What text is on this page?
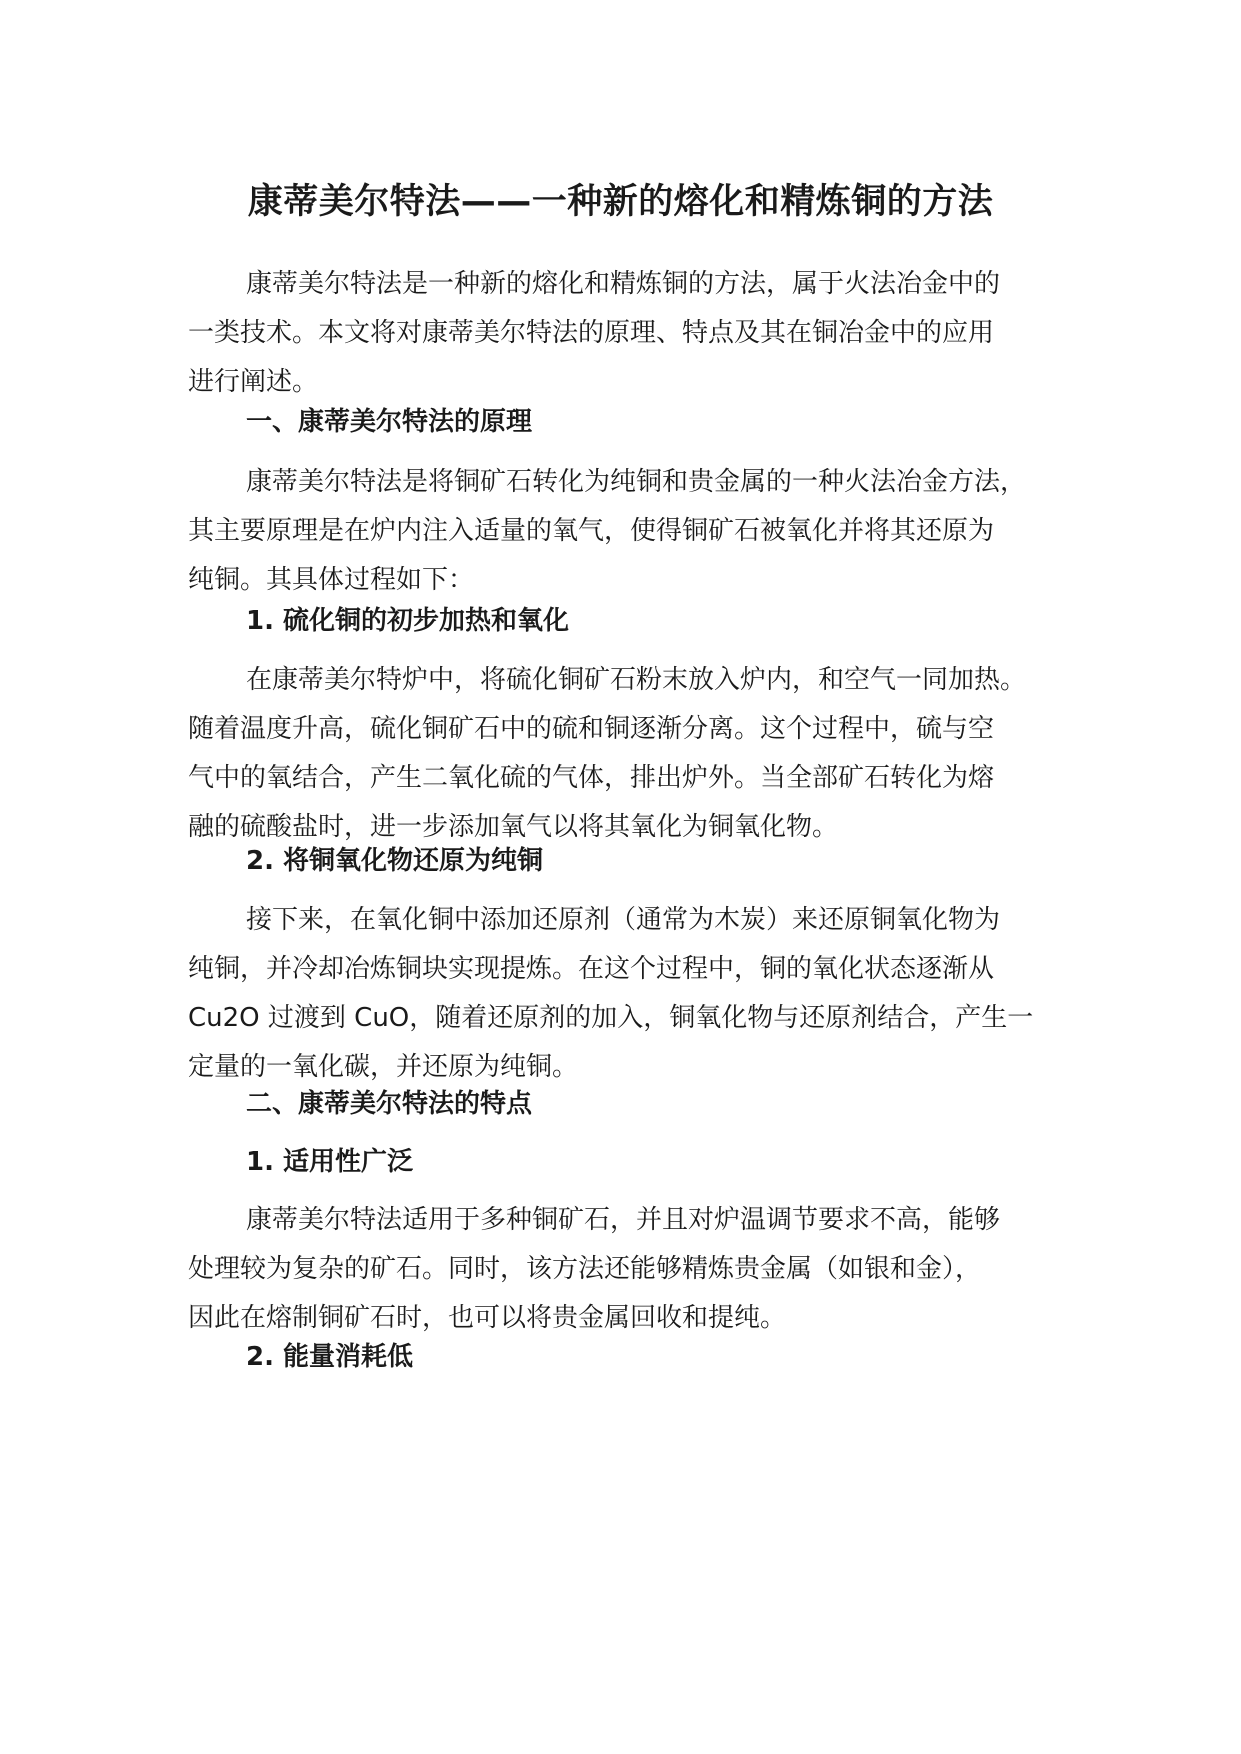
康蒂美尔特法——一种新的熔化和精炼铜的方法

康蒂美尔特法是一种新的熔化和精炼铜的方法，属于火法冶金中的
一类技术。本文将对康蒂美尔特法的原理、特点及其在铜冶金中的应用
进行阐述。

一、康蒂美尔特法的原理

康蒂美尔特法是将铜矿石转化为纯铜和贵金属的一种火法冶金方法，
其主要原理是在炉内注入适量的氧气，使得铜矿石被氧化并将其还原为
纯铜。其具体过程如下：

1. 硫化铜的初步加热和氧化

在康蒂美尔特炉中，将硫化铜矿石粉末放入炉内，和空气一同加热。
随着温度升高，硫化铜矿石中的硫和铜逐渐分离。这个过程中，硫与空
气中的氧结合，产生二氧化硫的气体，排出炉外。当全部矿石转化为熔
融的硫酸盐时，进一步添加氧气以将其氧化为铜氧化物。

2. 将铜氧化物还原为纯铜

接下来，在氧化铜中添加还原剂（通常为木炭）来还原铜氧化物为
纯铜，并冷却冶炼铜块实现提炼。在这个过程中，铜的氧化状态逐渐从
Cu2O 过渡到 CuO，随着还原剂的加入，铜氧化物与还原剂结合，产生一
定量的一氧化碳，并还原为纯铜。

二、康蒂美尔特法的特点
1. 适用性广泛

康蒂美尔特法适用于多种铜矿石，并且对炉温调节要求不高，能够
处理较为复杂的矿石。同时，该方法还能够精炼贵金属（如银和金），
因此在熔制铜矿石时，也可以将贵金属回收和提纯。

2. 能量消耗低
